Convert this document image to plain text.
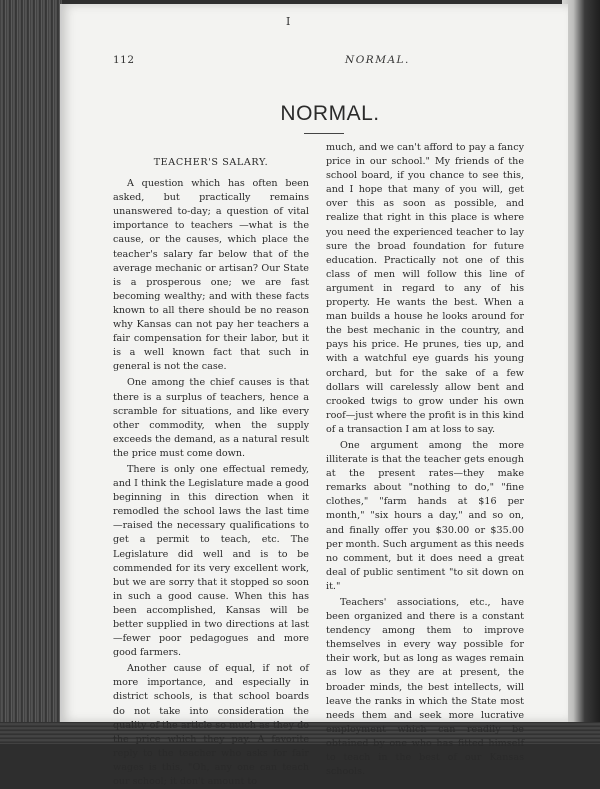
I
112	NORMAL.
NORMAL.
TEACHER'S SALARY.

A question which has often been asked, but practically remains unanswered to-day; a question of vital importance to teachers —what is the cause, or the causes, which place the teacher's salary far below that of the average mechanic or artisan? Our State is a prosperous one; we are fast becoming wealthy; and with these facts known to all there should be no reason why Kansas can not pay her teachers a fair compensation for their labor, but it is a well known fact that such in general is not the case.

One among the chief causes is that there is a surplus of teachers, hence a scramble for situations, and like every other commodity, when the supply exceeds the demand, as a natural result the price must come down.

There is only one effectual remedy, and I think the Legislature made a good beginning in this direction when it remodled the school laws the last time—raised the necessary qualifications to get a permit to teach, etc. The Legislature did well and is to be commended for its very excellent work, but we are sorry that it stopped so soon in such a good cause. When this has been accomplished, Kansas will be better supplied in two directions at last—fewer poor pedagogues and more good farmers.

Another cause of equal, if not of more importance, and especially in district schools, is that school boards do not take into consideration the quality of the article so much as they do the price which they pay. A favorite reply to the teacher who asks for fair wages is this, "Oh, any one can teach our school; it don't amount to

much, and we can't afford to pay a fancy price in our school." My friends of the school board, if you chance to see this, and I hope that many of you will, get over this as soon as possible, and realize that right in this place is where you need the experienced teacher to lay sure the broad foundation for future education. Practically not one of this class of men will follow this line of argument in regard to any of his property. He wants the best. When a man builds a house he looks around for the best mechanic in the country, and pays his price. He prunes, ties up, and with a watchful eye guards his young orchard, but for the sake of a few dollars will carelessly allow bent and crooked twigs to grow under his own roof—just where the profit is in this kind of a transaction I am at loss to say.

One argument among the more illiterate is that the teacher gets enough at the present rates—they make remarks about "nothing to do," "fine clothes," "farm hands at $16 per month," "six hours a day," and so on, and finally offer you $30.00 or $35.00 per month. Such argument as this needs no comment, but it does need a great deal of public sentiment "to sit down on it."

Teachers' associations, etc., have been organized and there is a constant tendency among them to improve themselves in every way possible for their work, but as long as wages remain as low as they are at present, the broader minds, the best intellects, will leave the ranks in which the State most needs them and seek more lucrative employment which can readily be obtained by one who has fitted himself to teach in the best of our Kansas schools.
